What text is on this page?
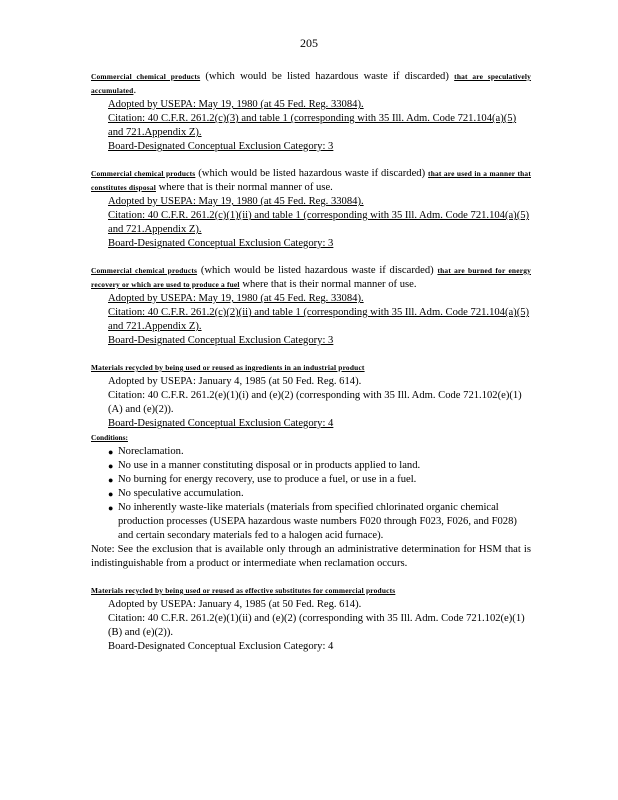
205
Commercial chemical products (which would be listed hazardous waste if discarded) that are speculatively accumulated.
Adopted by USEPA: May 19, 1980 (at 45 Fed. Reg. 33084).
Citation: 40 C.F.R. 261.2(c)(3) and table 1 (corresponding with 35 Ill. Adm. Code 721.104(a)(5) and 721.Appendix Z).
Board-Designated Conceptual Exclusion Category: 3
Commercial chemical products (which would be listed hazardous waste if discarded) that are used in a manner that constitutes disposal where that is their normal manner of use.
Adopted by USEPA: May 19, 1980 (at 45 Fed. Reg. 33084).
Citation: 40 C.F.R. 261.2(c)(1)(ii) and table 1 (corresponding with 35 Ill. Adm. Code 721.104(a)(5) and 721.Appendix Z).
Board-Designated Conceptual Exclusion Category: 3
Commercial chemical products (which would be listed hazardous waste if discarded) that are burned for energy recovery or which are used to produce a fuel where that is their normal manner of use.
Adopted by USEPA: May 19, 1980 (at 45 Fed. Reg. 33084).
Citation: 40 C.F.R. 261.2(c)(2)(ii) and table 1 (corresponding with 35 Ill. Adm. Code 721.104(a)(5) and 721.Appendix Z).
Board-Designated Conceptual Exclusion Category: 3
Materials recycled by being used or reused as ingredients in an industrial product
Adopted by USEPA: January 4, 1985 (at 50 Fed. Reg. 614).
Citation: 40 C.F.R. 261.2(e)(1)(i) and (e)(2) (corresponding with 35 Ill. Adm. Code 721.102(e)(1)(A) and (e)(2)).
Board-Designated Conceptual Exclusion Category: 4
Conditions:
● Noreclamation.
● No use in a manner constituting disposal or in products applied to land.
● No burning for energy recovery, use to produce a fuel, or use in a fuel.
● No speculative accumulation.
● No inherently waste-like materials (materials from specified chlorinated organic chemical production processes (USEPA hazardous waste numbers F020 through F023, F026, and F028) and certain secondary materials fed to a halogen acid furnace).
Note: See the exclusion that is available only through an administrative determination for HSM that is indistinguishable from a product or intermediate when reclamation occurs.
Materials recycled by being used or reused as effective substitutes for commercial products
Adopted by USEPA: January 4, 1985 (at 50 Fed. Reg. 614).
Citation: 40 C.F.R. 261.2(e)(1)(ii) and (e)(2) (corresponding with 35 Ill. Adm. Code 721.102(e)(1)(B) and (e)(2)).
Board-Designated Conceptual Exclusion Category: 4
